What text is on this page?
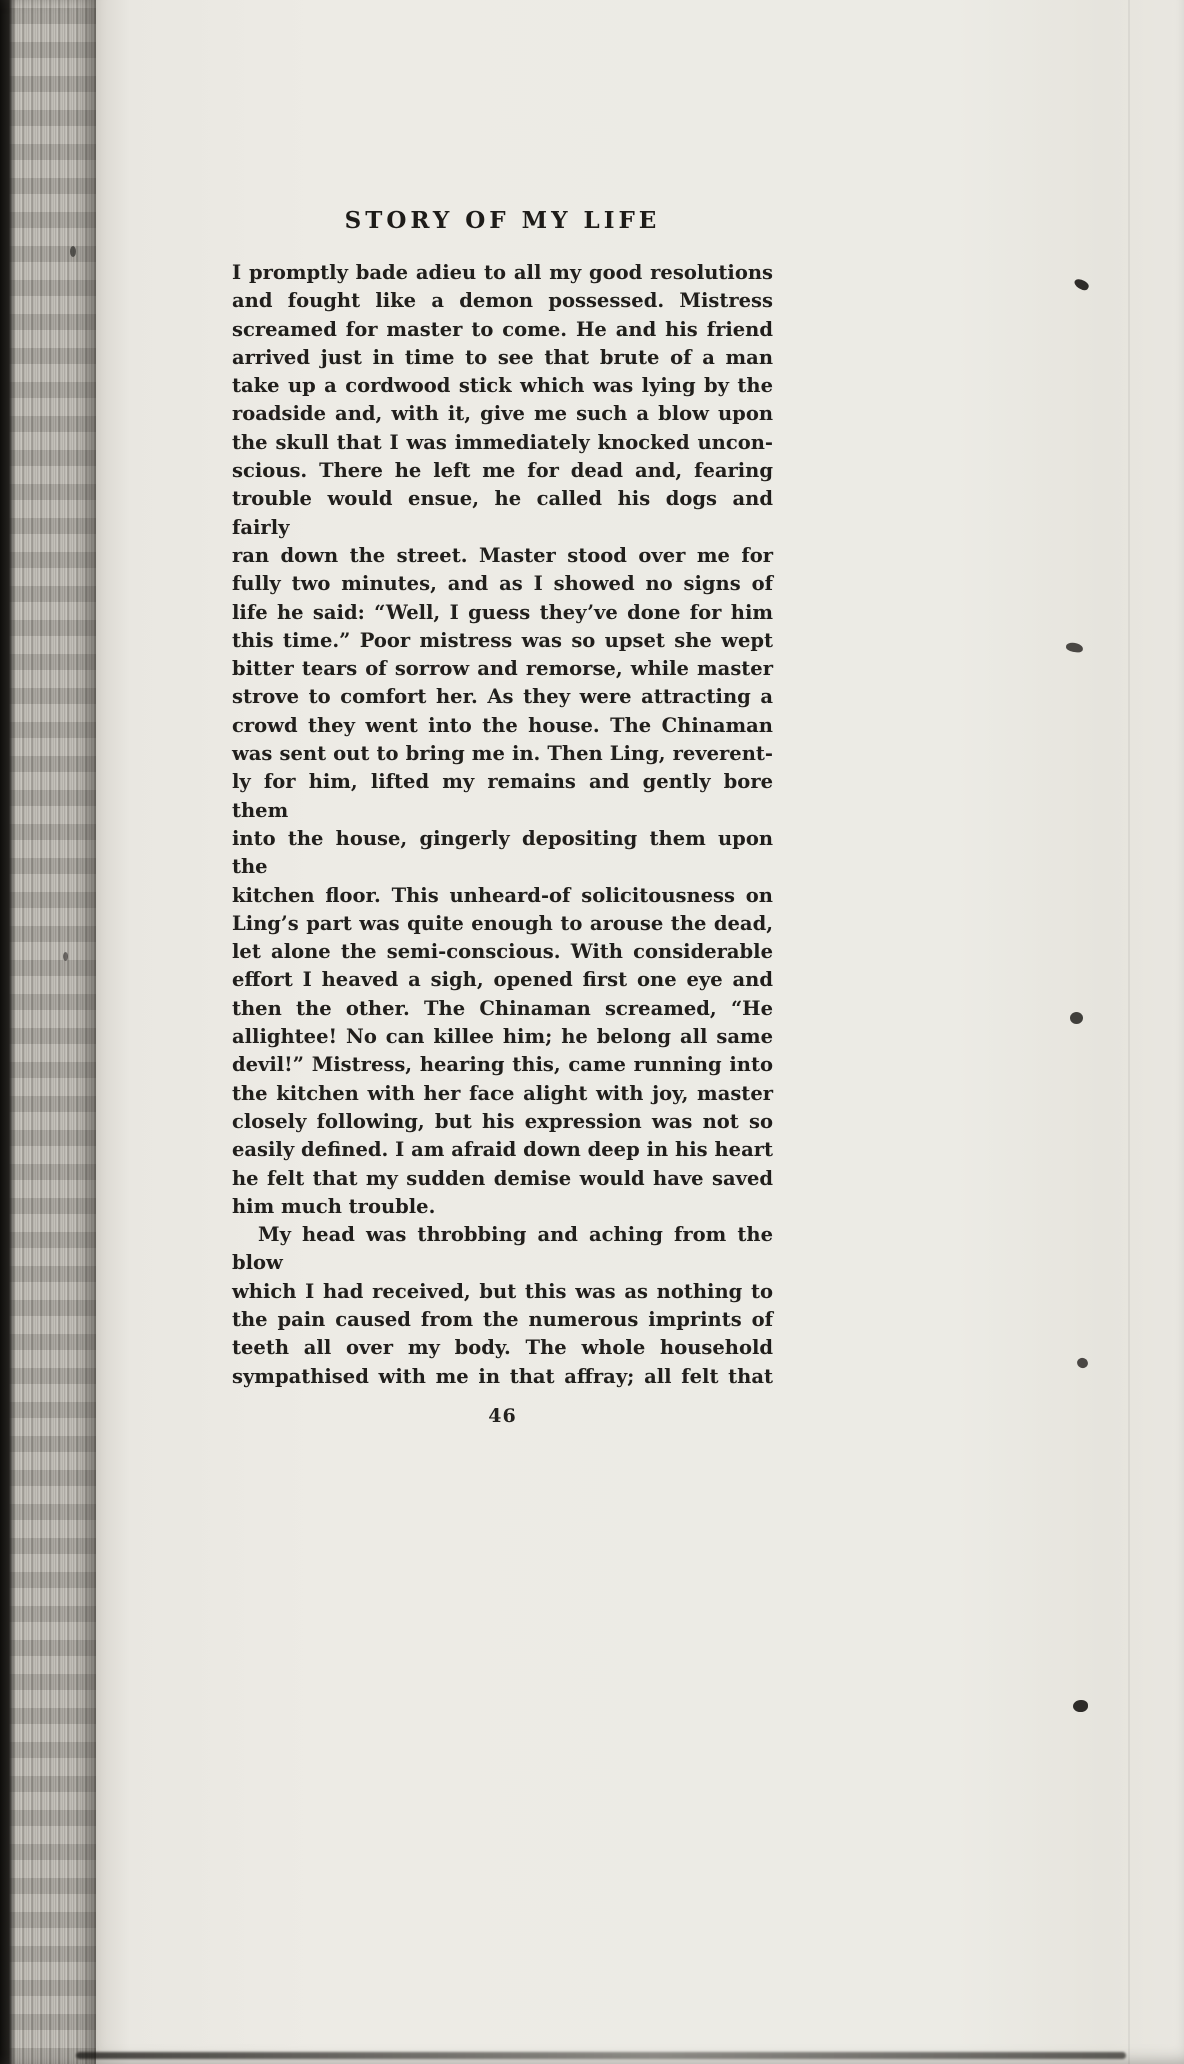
STORY OF MY LIFE
I promptly bade adieu to all my good resolutions
and fought like a demon possessed. Mistress
screamed for master to come. He and his friend
arrived just in time to see that brute of a man
take up a cordwood stick which was lying by the
roadside and, with it, give me such a blow upon
the skull that I was immediately knocked uncon-
scious. There he left me for dead and, fearing
trouble would ensue, he called his dogs and fairly
ran down the street. Master stood over me for
fully two minutes, and as I showed no signs of
life he said: “Well, I guess they’ve done for him
this time.” Poor mistress was so upset she wept
bitter tears of sorrow and remorse, while master
strove to comfort her. As they were attracting a
crowd they went into the house. The Chinaman
was sent out to bring me in. Then Ling, reverent-
ly for him, lifted my remains and gently bore them
into the house, gingerly depositing them upon the
kitchen floor. This unheard-of solicitousness on
Ling’s part was quite enough to arouse the dead,
let alone the semi-conscious. With considerable
effort I heaved a sigh, opened first one eye and
then the other. The Chinaman screamed, “He
allightee! No can killee him; he belong all same
devil!” Mistress, hearing this, came running into
the kitchen with her face alight with joy, master
closely following, but his expression was not so
easily defined. I am afraid down deep in his heart
he felt that my sudden demise would have saved
him much trouble.
My head was throbbing and aching from the blow
which I had received, but this was as nothing to
the pain caused from the numerous imprints of
teeth all over my body. The whole household
sympathised with me in that affray; all felt that
46
